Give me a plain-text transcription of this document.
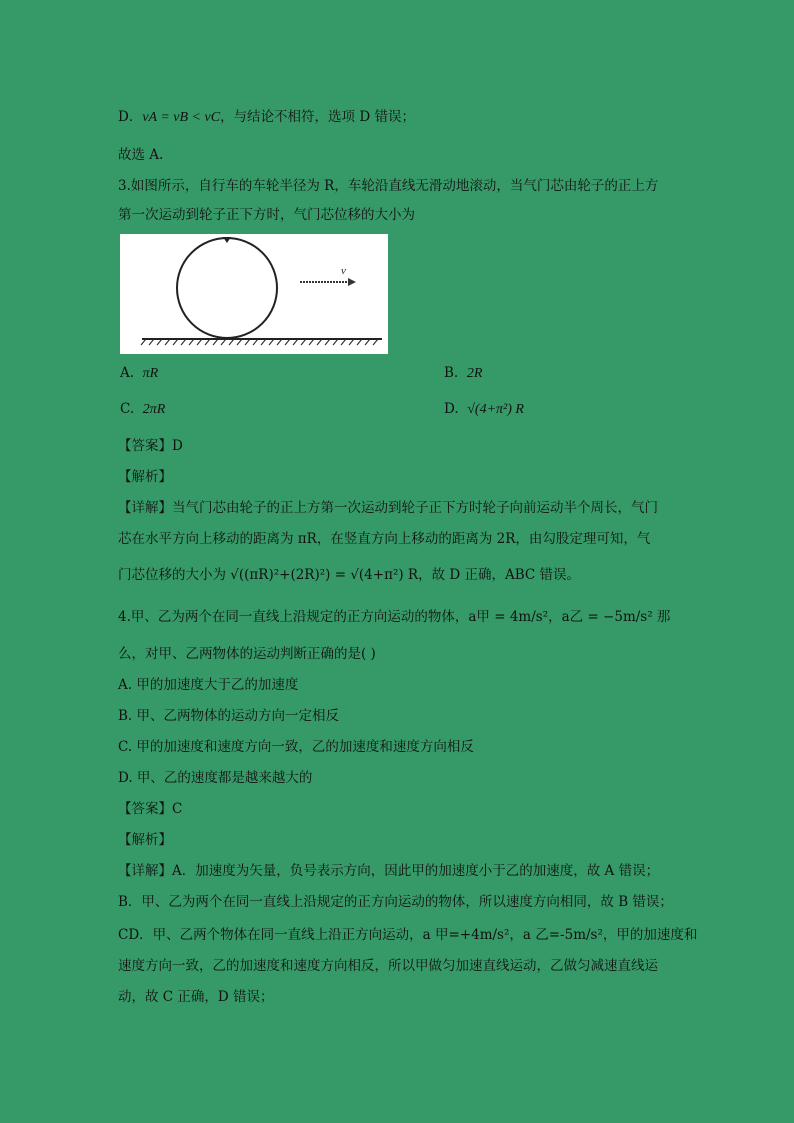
D．vA = vB < vC，与结论不相符，选项 D 错误；
故选 A.
3.如图所示，自行车的车轮半径为 R，车轮沿直线无滑动地滚动，当气门芯由轮子的正上方
第一次运动到轮子正下方时，气门芯位移的大小为
v
A. πR	B. 2R
C. 2πR	D. √(4+π²) R
【答案】D
【解析】
【详解】当气门芯由轮子的正上方第一次运动到轮子正下方时轮子向前运动半个周长，气门
芯在水平方向上移动的距离为 πR，在竖直方向上移动的距离为 2R，由勾股定理可知，气
门芯位移的大小为 √((πR)²+(2R)²) = √(4+π²) R，故 D 正确，ABC 错误。
4.甲、乙为两个在同一直线上沿规定的正方向运动的物体，a甲 = 4m/s²，a乙 = −5m/s² 那
么，对甲、乙两物体的运动判断正确的是( )
A. 甲的加速度大于乙的加速度
B. 甲、乙两物体的运动方向一定相反
C. 甲的加速度和速度方向一致，乙的加速度和速度方向相反
D. 甲、乙的速度都是越来越大的
【答案】C
【解析】
【详解】A．加速度为矢量，负号表示方向，因此甲的加速度小于乙的加速度，故 A 错误；
B．甲、乙为两个在同一直线上沿规定的正方向运动的物体，所以速度方向相同，故 B 错误；
CD．甲、乙两个物体在同一直线上沿正方向运动，a 甲=+4m/s²，a 乙=-5m/s²，甲的加速度和
速度方向一致，乙的加速度和速度方向相反，所以甲做匀加速直线运动，乙做匀减速直线运
动，故 C 正确，D 错误；
